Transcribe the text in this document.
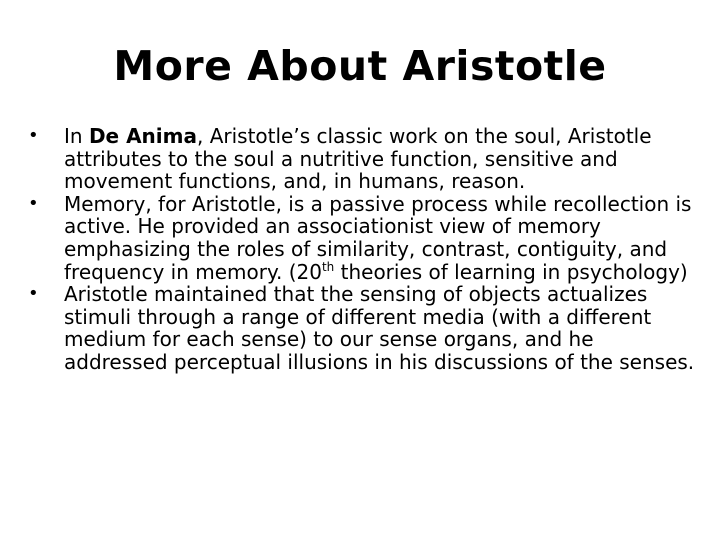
More About Aristotle
•	In De Anima, Aristotle’s classic work on the soul, Aristotle attributes to the soul a nutritive function, sensitive and movement functions, and, in humans, reason.
•	Memory, for Aristotle, is a passive process while recollection is active. He provided an associationist view of memory emphasizing the roles of similarity, contrast, contiguity, and frequency in memory. (20th theories of learning in psychology)
•	Aristotle maintained that the sensing of objects actualizes stimuli through a range of different media (with a different medium for each sense) to our sense organs, and he addressed perceptual illusions in his discussions of the senses.
